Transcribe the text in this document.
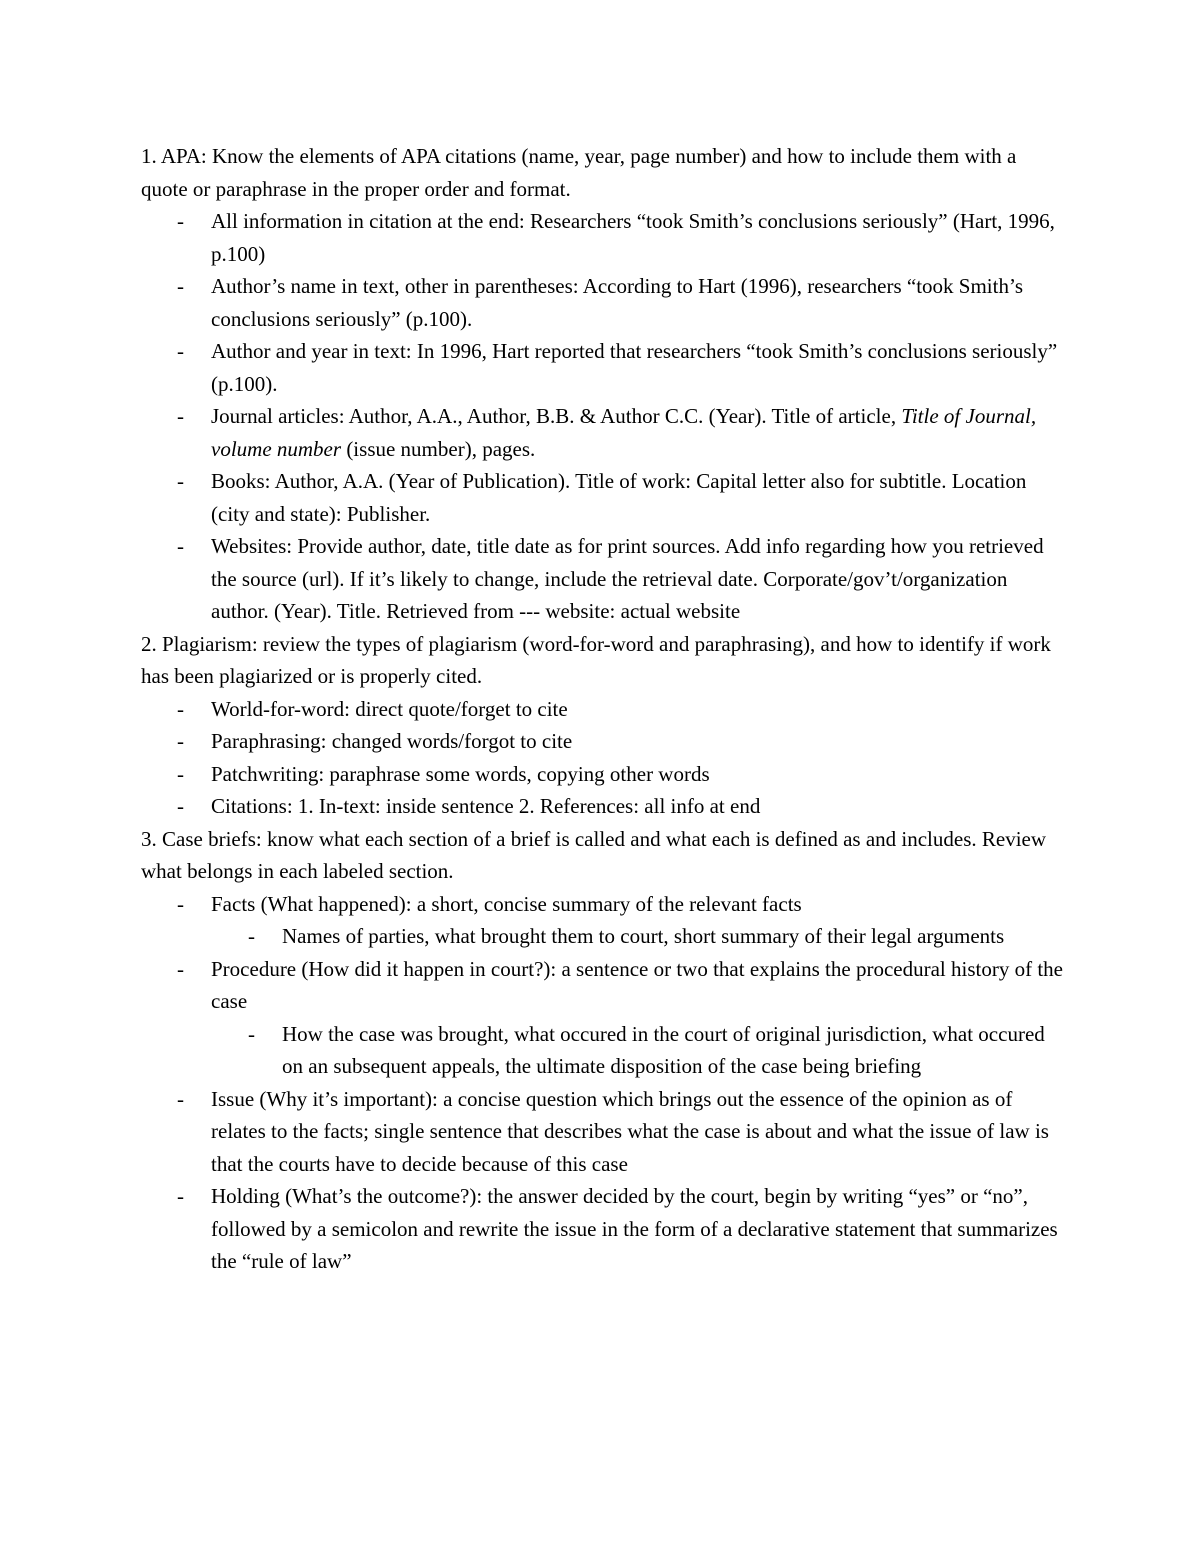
1. APA: Know the elements of APA citations (name, year, page number) and how to include them with a quote or paraphrase in the proper order and format.
- All information in citation at the end: Researchers “took Smith’s conclusions seriously” (Hart, 1996, p.100)
- Author’s name in text, other in parentheses: According to Hart (1996), researchers “took Smith’s conclusions seriously” (p.100).
- Author and year in text: In 1996, Hart reported that researchers “took Smith’s conclusions seriously” (p.100).
- Journal articles: Author, A.A., Author, B.B. & Author C.C. (Year). Title of article, Title of Journal, volume number (issue number), pages.
- Books: Author, A.A. (Year of Publication). Title of work: Capital letter also for subtitle. Location (city and state): Publisher.
- Websites: Provide author, date, title date as for print sources. Add info regarding how you retrieved the source (url). If it’s likely to change, include the retrieval date. Corporate/gov’t/organization author. (Year). Title. Retrieved from --- website: actual website
2. Plagiarism: review the types of plagiarism (word-for-word and paraphrasing), and how to identify if work has been plagiarized or is properly cited.
- World-for-word: direct quote/forget to cite
- Paraphrasing: changed words/forgot to cite
- Patchwriting: paraphrase some words, copying other words
- Citations: 1. In-text: inside sentence 2. References: all info at end
3. Case briefs: know what each section of a brief is called and what each is defined as and includes. Review what belongs in each labeled section.
- Facts (What happened): a short, concise summary of the relevant facts
- Names of parties, what brought them to court, short summary of their legal arguments
- Procedure (How did it happen in court?): a sentence or two that explains the procedural history of the case
- How the case was brought, what occured in the court of original jurisdiction, what occured on an subsequent appeals, the ultimate disposition of the case being briefing
- Issue (Why it’s important): a concise question which brings out the essence of the opinion as of relates to the facts; single sentence that describes what the case is about and what the issue of law is that the courts have to decide because of this case
- Holding (What’s the outcome?): the answer decided by the court, begin by writing “yes” or “no”, followed by a semicolon and rewrite the issue in the form of a declarative statement that summarizes the “rule of law”
